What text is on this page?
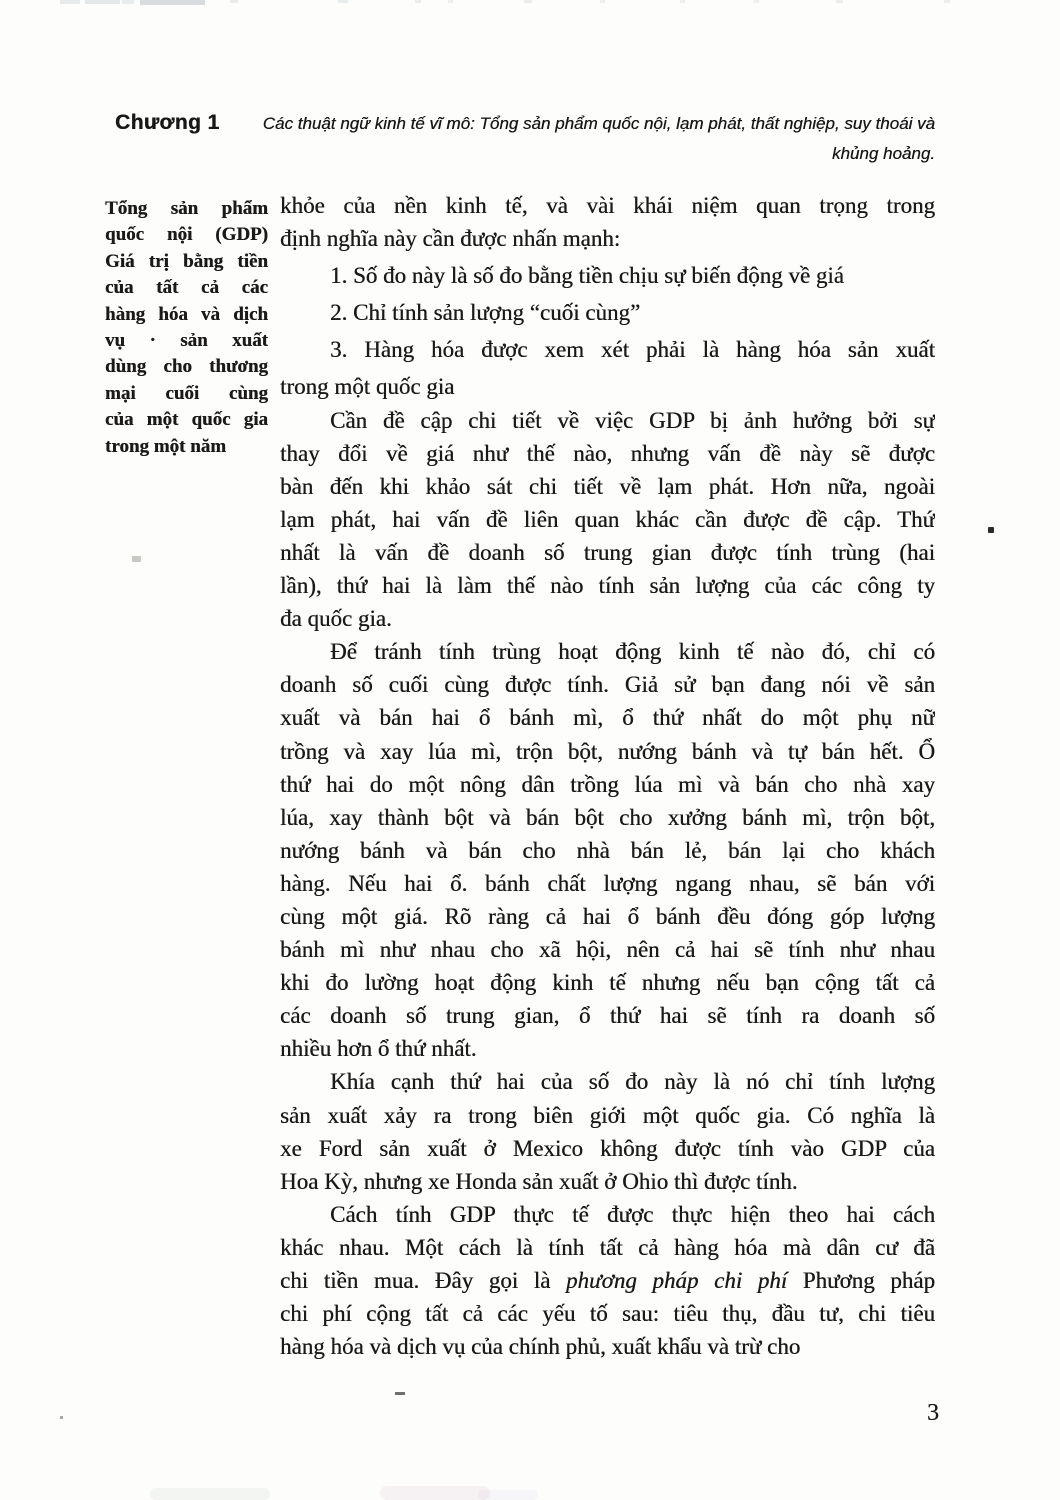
Chương 1	Các thuật ngữ kinh tế vĩ mô: Tổng sản phẩm quốc nội, lạm phát, thất nghiệp, suy thoái và
khủng hoảng.
Tổng sản phẩm
quốc nội (GDP)
Giá trị bằng tiền
của tất cả các
hàng hóa và dịch
vụ · sản xuất
dùng cho thương
mại cuối cùng
của một quốc gia
trong một năm
khỏe của nền kinh tế, và vài khái niệm quan trọng trong
định nghĩa này cần được nhấn mạnh:
1. Số đo này là số đo bằng tiền chịu sự biến động về giá
2. Chỉ tính sản lượng “cuối cùng”
3. Hàng hóa được xem xét phải là hàng hóa sản xuất
trong một quốc gia
Cần đề cập chi tiết về việc GDP bị ảnh hưởng bởi sự
thay đổi về giá như thế nào, nhưng vấn đề này sẽ được
bàn đến khi khảo sát chi tiết về lạm phát. Hơn nữa, ngoài
lạm phát, hai vấn đề liên quan khác cần được đề cập. Thứ
nhất là vấn đề doanh số trung gian được tính trùng (hai
lần), thứ hai là làm thế nào tính sản lượng của các công ty
đa quốc gia.
Để tránh tính trùng hoạt động kinh tế nào đó, chỉ có
doanh số cuối cùng được tính. Giả sử bạn đang nói về sản
xuất và bán hai ổ bánh mì, ổ thứ nhất do một phụ nữ
trồng và xay lúa mì, trộn bột, nướng bánh và tự bán hết. Ổ
thứ hai do một nông dân trồng lúa mì và bán cho nhà xay
lúa, xay thành bột và bán bột cho xưởng bánh mì, trộn bột,
nướng bánh và bán cho nhà bán lẻ, bán lại cho khách
hàng. Nếu hai ổ. bánh chất lượng ngang nhau, sẽ bán với
cùng một giá. Rõ ràng cả hai ổ bánh đều đóng góp lượng
bánh mì như nhau cho xã hội, nên cả hai sẽ tính như nhau
khi đo lường hoạt động kinh tế nhưng nếu bạn cộng tất cả
các doanh số trung gian, ổ thứ hai sẽ tính ra doanh số
nhiều hơn ổ thứ nhất.
Khía cạnh thứ hai của số đo này là nó chỉ tính lượng
sản xuất xảy ra trong biên giới một quốc gia. Có nghĩa là
xe Ford sản xuất ở Mexico không được tính vào GDP của
Hoa Kỳ, nhưng xe Honda sản xuất ở Ohio thì được tính.
Cách tính GDP thực tế được thực hiện theo hai cách
khác nhau. Một cách là tính tất cả hàng hóa mà dân cư đã
chi tiền mua. Đây gọi là phương pháp chi phí Phương pháp
chi phí cộng tất cả các yếu tố sau: tiêu thụ, đầu tư, chi tiêu
hàng hóa và dịch vụ của chính phủ, xuất khẩu và trừ cho
3
